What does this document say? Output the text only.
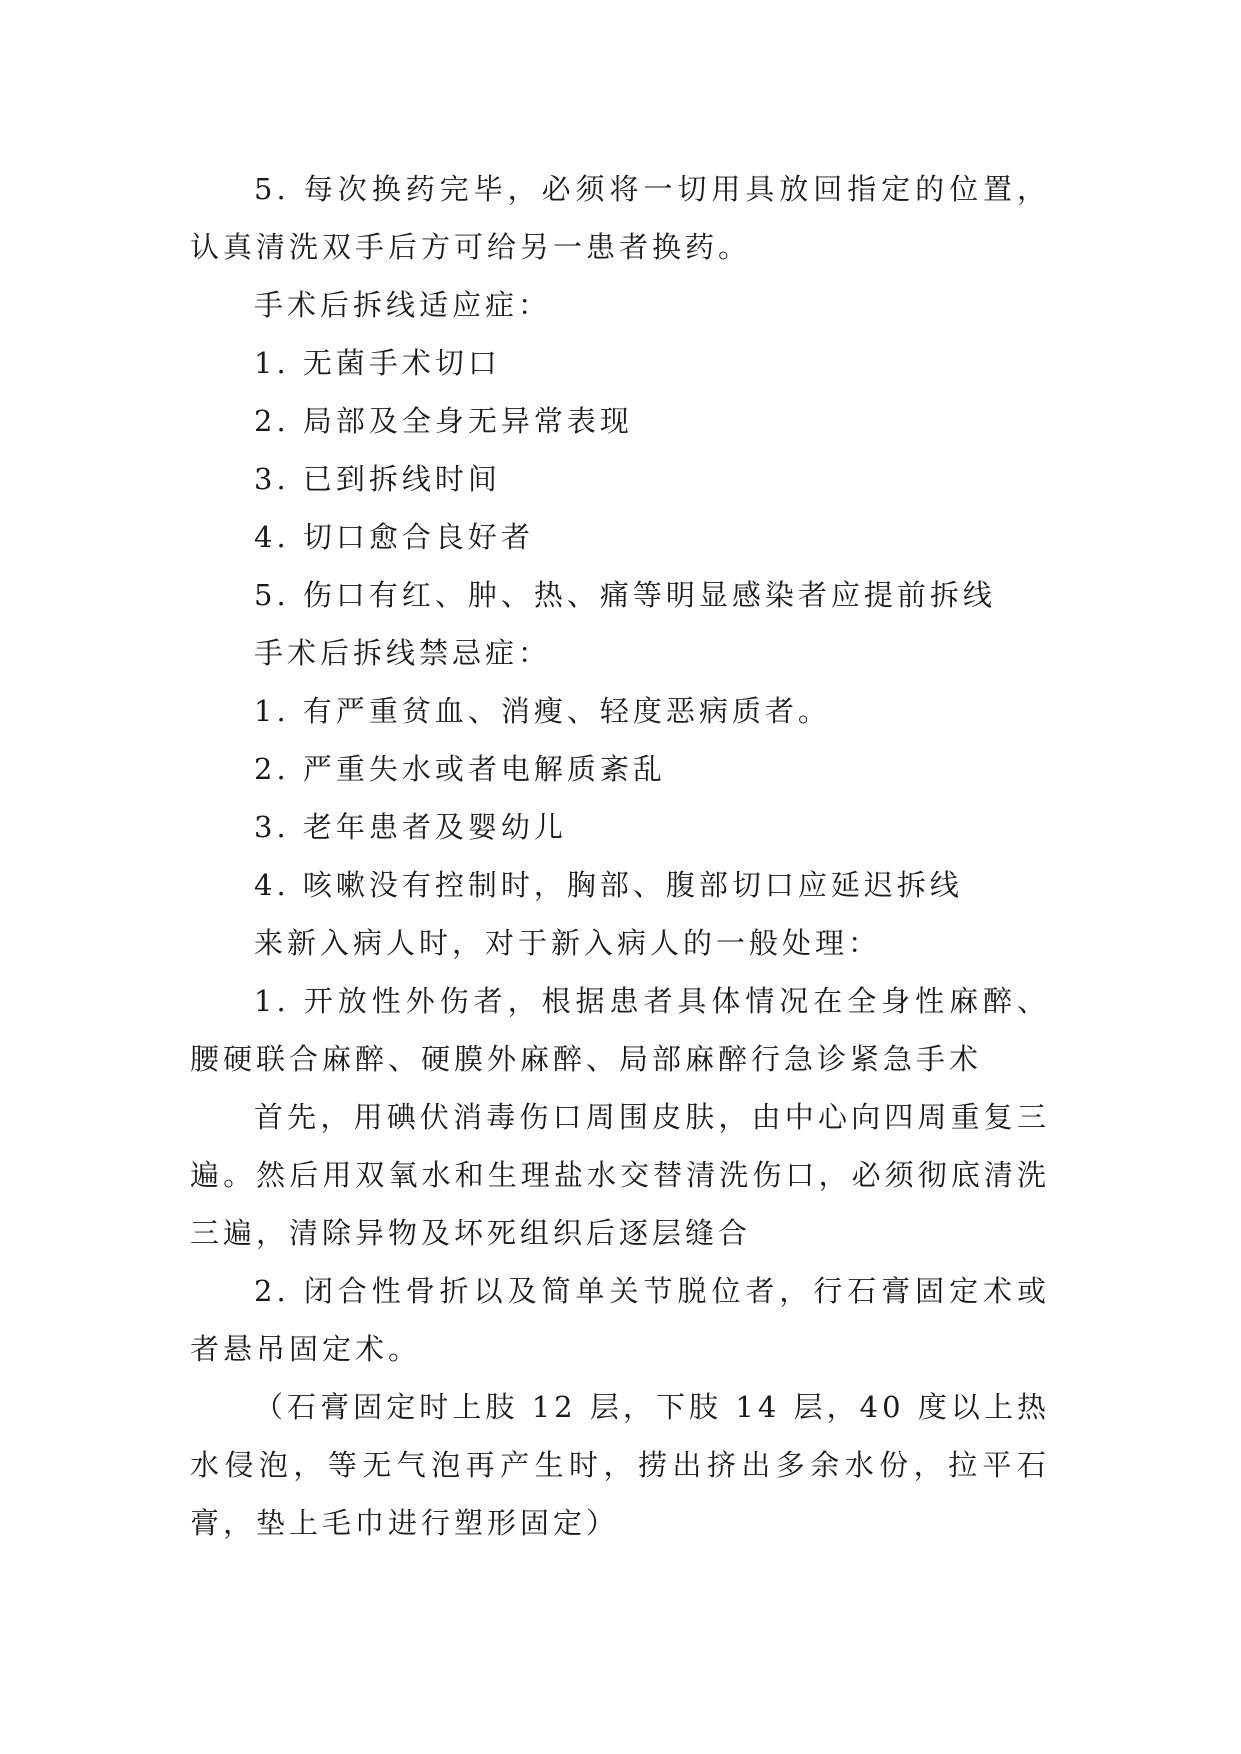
5. 每次换药完毕，必须将一切用具放回指定的位置，认真清洗双手后方可给另一患者换药。

手术后拆线适应症：

1. 无菌手术切口

2. 局部及全身无异常表现

3. 已到拆线时间

4. 切口愈合良好者

5. 伤口有红、肿、热、痛等明显感染者应提前拆线

手术后拆线禁忌症：

1. 有严重贫血、消瘦、轻度恶病质者。

2. 严重失水或者电解质紊乱

3. 老年患者及婴幼儿

4. 咳嗽没有控制时，胸部、腹部切口应延迟拆线

来新入病人时，对于新入病人的一般处理：

1. 开放性外伤者，根据患者具体情况在全身性麻醉、腰硬联合麻醉、硬膜外麻醉、局部麻醉行急诊紧急手术

首先，用碘伏消毒伤口周围皮肤，由中心向四周重复三遍。然后用双氧水和生理盐水交替清洗伤口，必须彻底清洗三遍，清除异物及坏死组织后逐层缝合

2. 闭合性骨折以及简单关节脱位者，行石膏固定术或者悬吊固定术。

（石膏固定时上肢 12 层，下肢 14 层，40 度以上热水侵泡，等无气泡再产生时，捞出挤出多余水份，拉平石膏，垫上毛巾进行塑形固定）
